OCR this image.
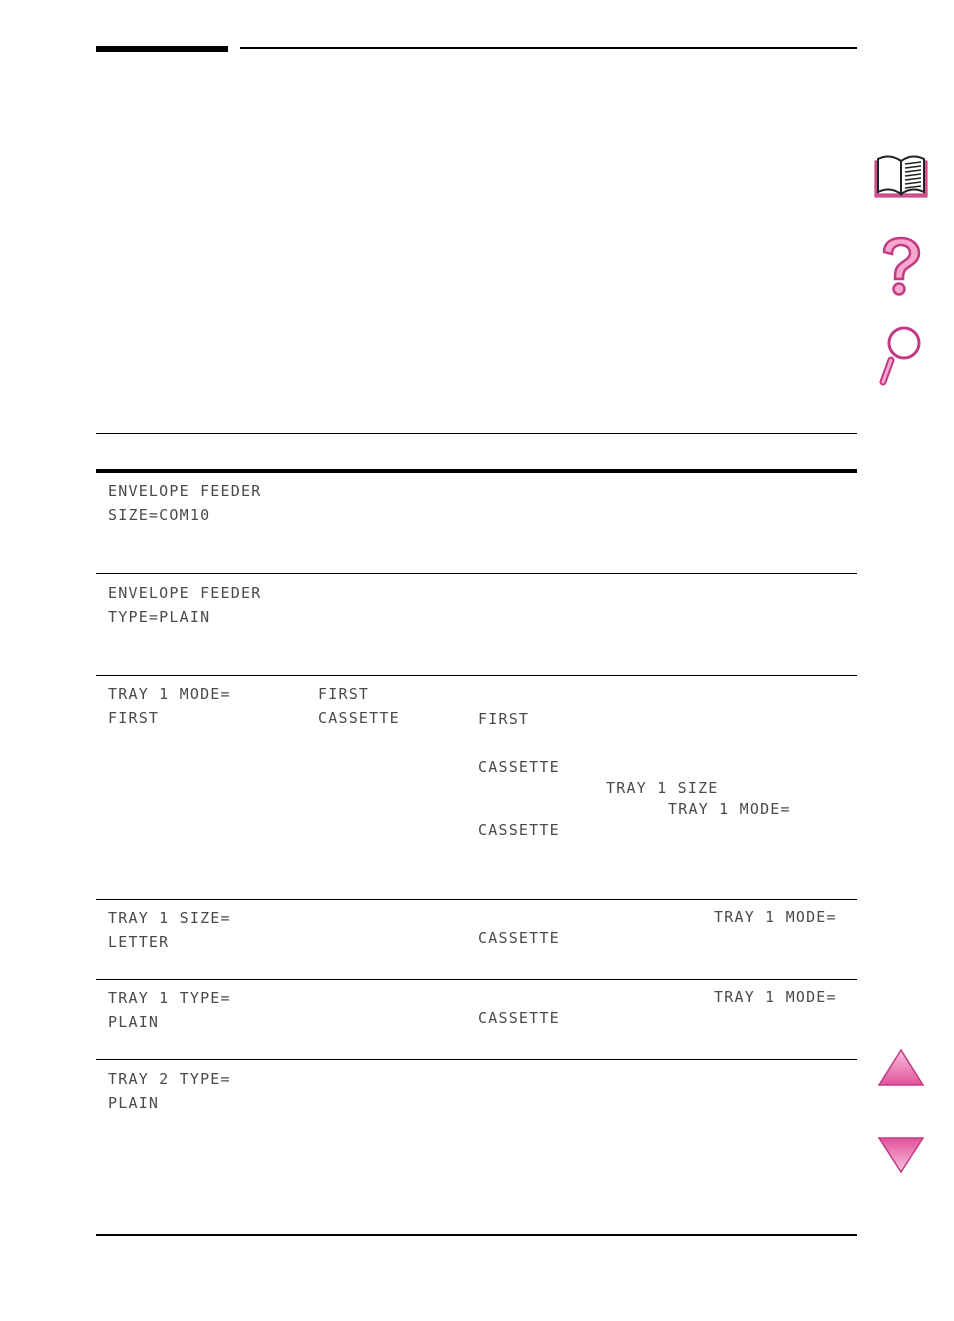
ENVELOPE FEEDER
SIZE=COM10
ENVELOPE FEEDER
TYPE=PLAIN
TRAY 1 MODE=
FIRST
FIRST
CASSETTE	FIRST
CASSETTE
TRAY 1 SIZE
TRAY 1 MODE=
CASSETTE
TRAY 1 SIZE=
LETTER
TRAY 1 MODE=
CASSETTE
TRAY 1 TYPE=
PLAIN
TRAY 1 MODE=
CASSETTE
TRAY 2 TYPE=
PLAIN
